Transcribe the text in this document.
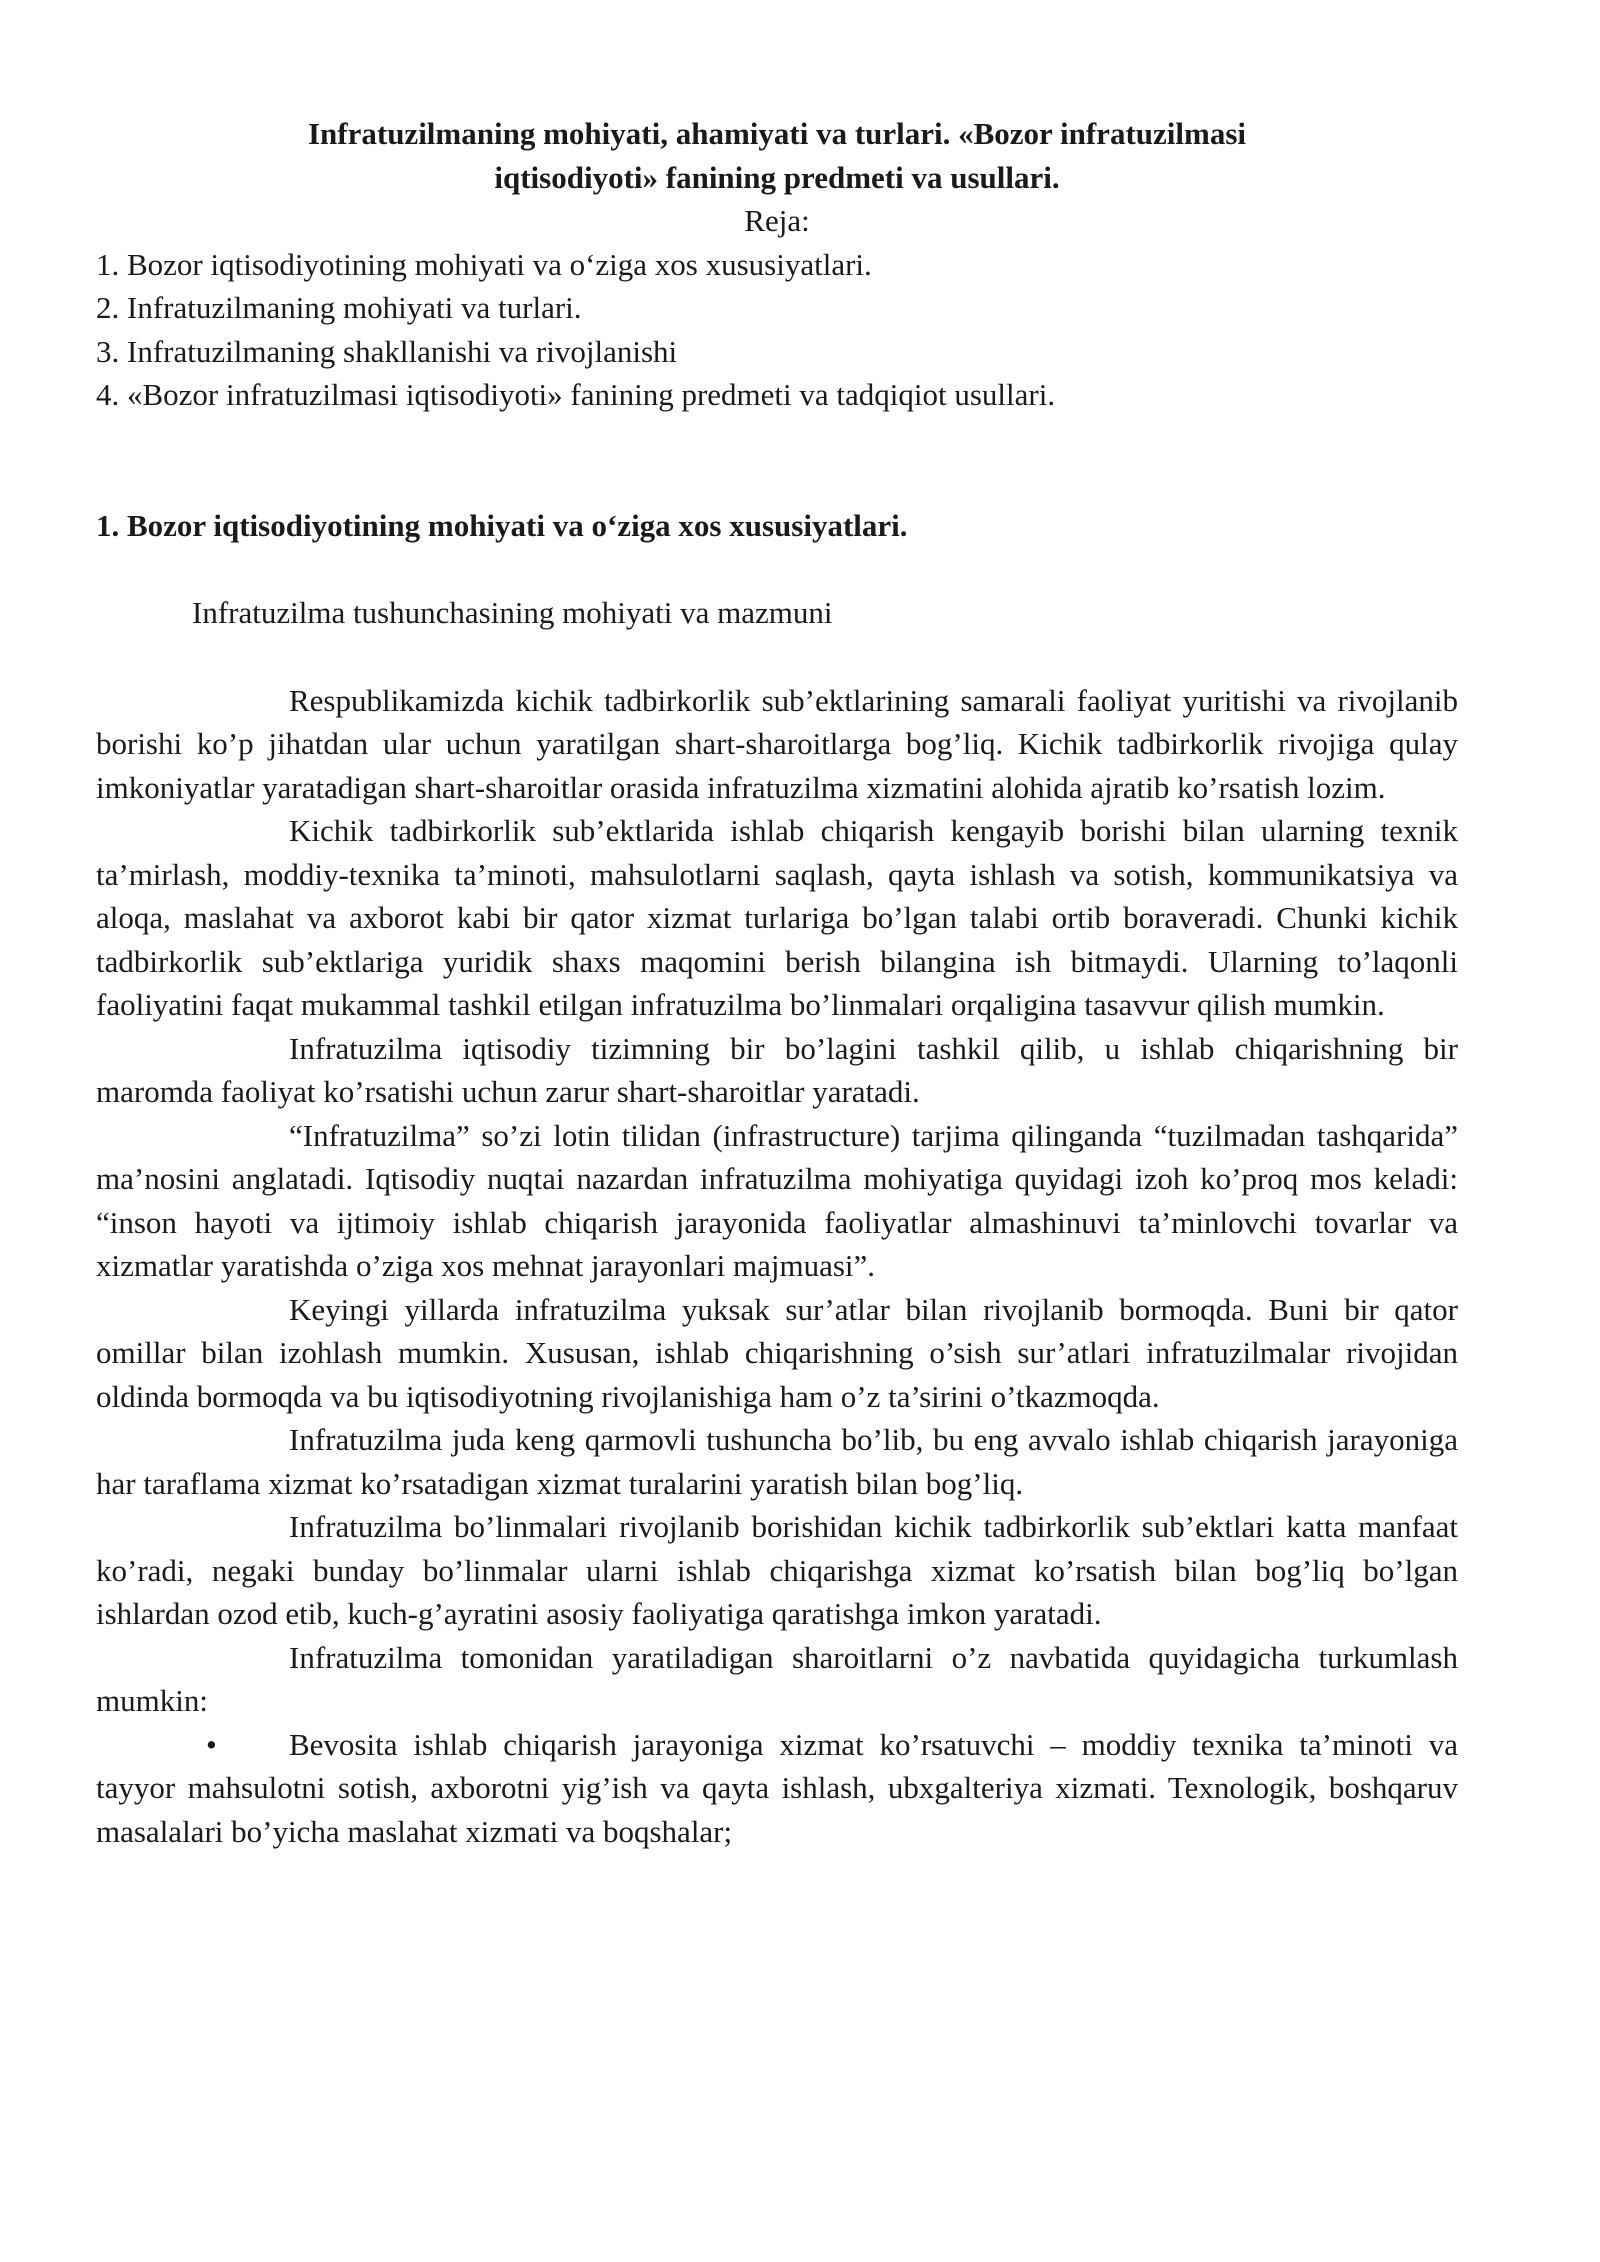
Infratuzilmaning mohiyati, ahamiyati va turlari. «Bozor infratuzilmasi

iqtisodiyoti» fanining predmeti va usullari.

Reja:

1. Bozor iqtisodiyotining mohiyati va o‘ziga xos xususiyatlari.
2. Infratuzilmaning mohiyati va turlari.
3. Infratuzilmaning shakllanishi va rivojlanishi
4. «Bozor infratuzilmasi iqtisodiyoti» fanining predmeti va tadqiqiot usullari.

1. Bozor iqtisodiyotining mohiyati va o‘ziga xos xususiyatlari.

Infratuzilma tushunchasining mohiyati va mazmuni

Respublikamizda kichik tadbirkorlik sub’ektlarining samarali faoliyat yuritishi va rivojlanib borishi ko’p jihatdan ular uchun yaratilgan shart-sharoitlarga bog’liq. Kichik tadbirkorlik rivojiga qulay imkoniyatlar yaratadigan shart-sharoitlar orasida infratuzilma xizmatini alohida ajratib ko’rsatish lozim.

Kichik tadbirkorlik sub’ektlarida ishlab chiqarish kengayib borishi bilan ularning texnik ta’mirlash, moddiy-texnika ta’minoti, mahsulotlarni saqlash, qayta ishlash va sotish, kommunikatsiya va aloqa, maslahat va axborot kabi bir qator xizmat turlariga bo’lgan talabi ortib boraveradi. Chunki kichik tadbirkorlik sub’ektlariga yuridik shaxs maqomini berish bilangina ish bitmaydi. Ularning to’laqonli faoliyatini faqat mukammal tashkil etilgan infratuzilma bo’linmalari orqaligina tasavvur qilish mumkin.

Infratuzilma iqtisodiy tizimning bir bo’lagini tashkil qilib, u ishlab chiqarishning bir maromda faoliyat ko’rsatishi uchun zarur shart-sharoitlar yaratadi.

“Infratuzilma” so’zi lotin tilidan (infrastructure) tarjima qilinganda “tuzilmadan tashqarida” ma’nosini anglatadi. Iqtisodiy nuqtai nazardan infratuzilma mohiyatiga quyidagi izoh ko’proq mos keladi: “inson hayoti va ijtimoiy ishlab chiqarish jarayonida faoliyatlar almashinuvi ta’minlovchi tovarlar va xizmatlar yaratishda o’ziga xos mehnat jarayonlari majmuasi”.

Keyingi yillarda infratuzilma yuksak sur’atlar bilan rivojlanib bormoqda. Buni bir qator omillar bilan izohlash mumkin. Xususan, ishlab chiqarishning o’sish sur’atlari infratuzilmalar rivojidan oldinda bormoqda va bu iqtisodiyotning rivojlanishiga ham o’z ta’sirini o’tkazmoqda.

Infratuzilma juda keng qarmovli tushuncha bo’lib, bu eng avvalo ishlab chiqarish jarayoniga har taraflama xizmat ko’rsatadigan xizmat turalarini yaratish bilan bog’liq.

Infratuzilma bo’linmalari rivojlanib borishidan kichik tadbirkorlik sub’ektlari katta manfaat ko’radi, negaki bunday bo’linmalar ularni ishlab chiqarishga xizmat ko’rsatish bilan bog’liq bo’lgan ishlardan ozod etib, kuch-g’ayratini asosiy faoliyatiga qaratishga imkon yaratadi.

Infratuzilma tomonidan yaratiladigan sharoitlarni o’z navbatida quyidagicha turkumlash mumkin:

• Bevosita ishlab chiqarish jarayoniga xizmat ko’rsatuvchi – moddiy texnika ta’minoti va tayyor mahsulotni sotish, axborotni yig’ish va qayta ishlash, ubxgalteriya xizmati. Texnologik, boshqaruv masalalari bo’yicha maslahat xizmati va boqshalar;
